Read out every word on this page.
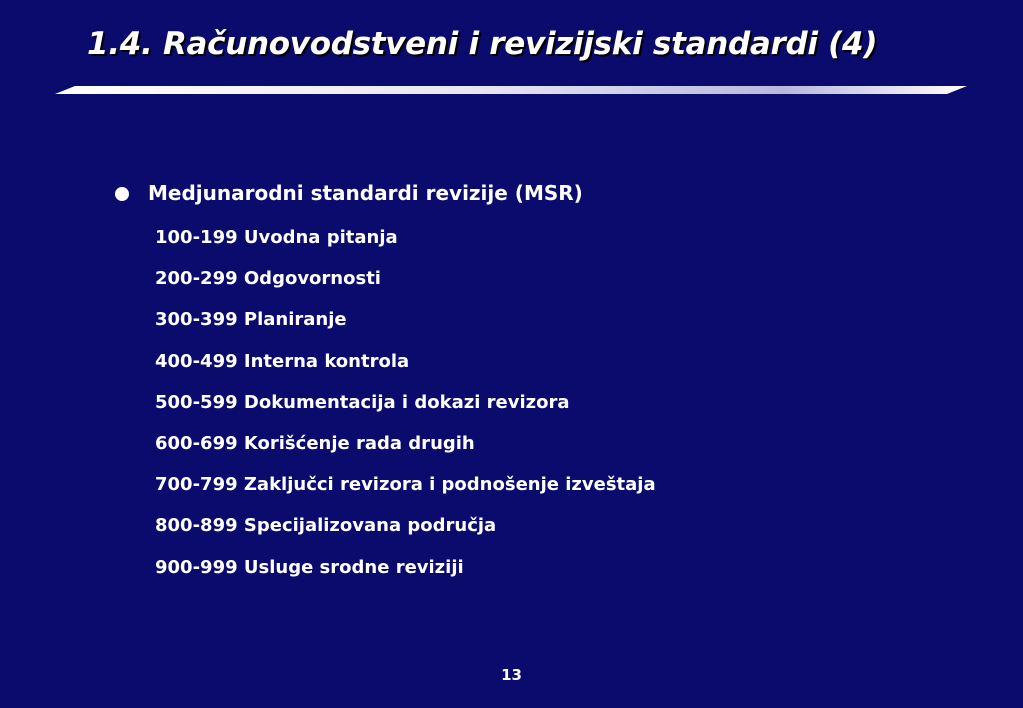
1.4. Računovodstveni i revizijski standardi (4)
Medjunarodni standardi revizije (MSR)
100-199 Uvodna pitanja
200-299 Odgovornosti
300-399 Planiranje
400-499 Interna kontrola
500-599 Dokumentacija i dokazi revizora
600-699 Korišćenje rada drugih
700-799 Zaključci revizora i podnošenje izveštaja
800-899 Specijalizovana područja
900-999 Usluge srodne reviziji
13
